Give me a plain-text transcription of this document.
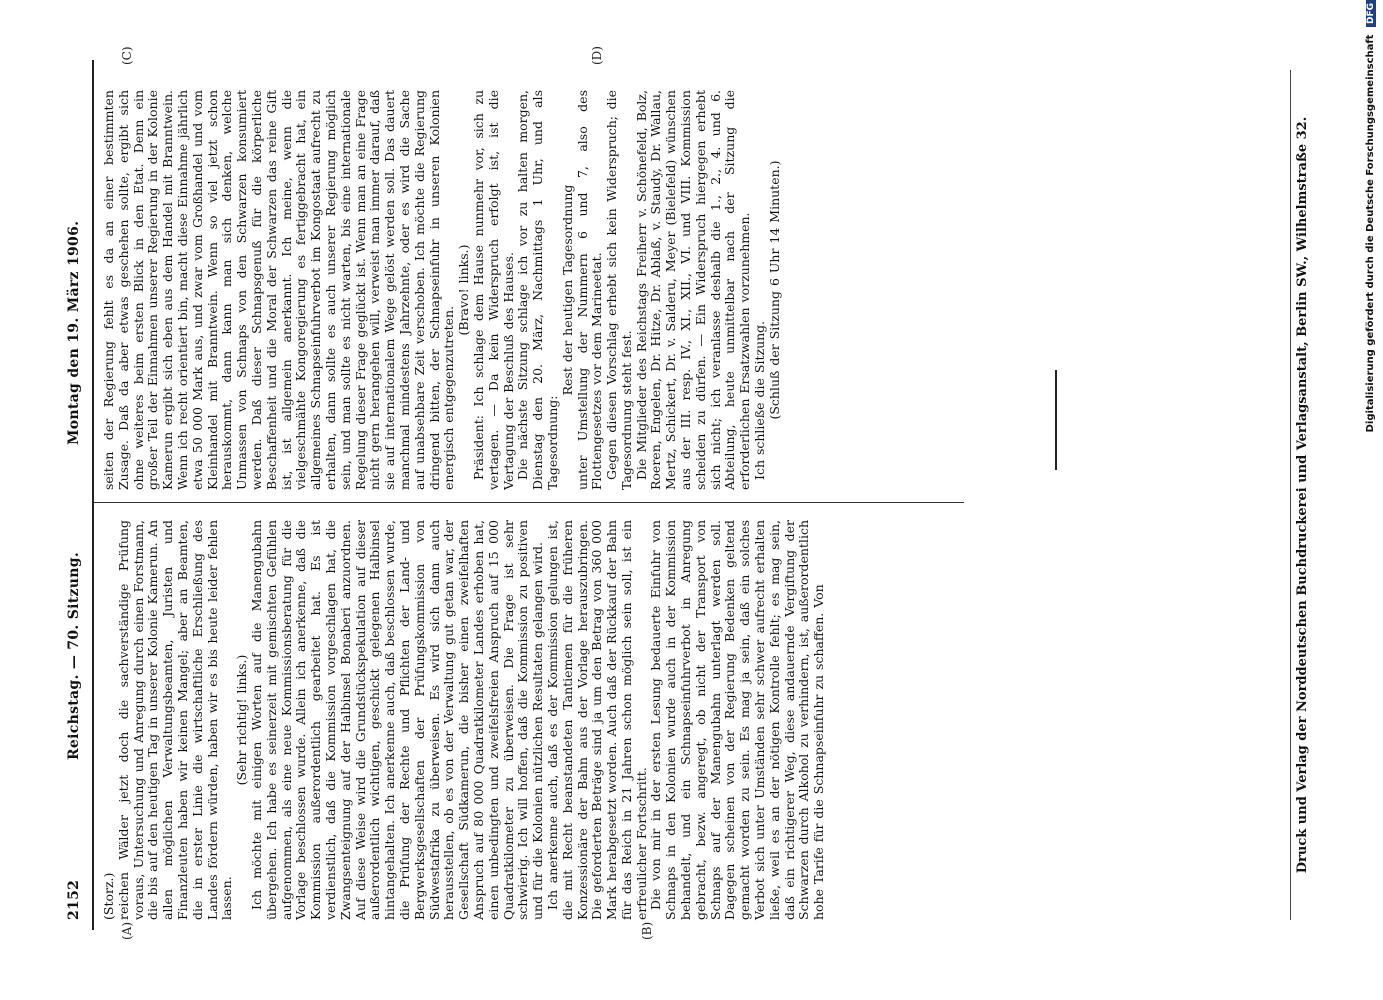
2152
Reichstag. — 70. Sitzung.
Montag den 19. März 1906.
(A)	(B)
(C)	(D)

(Storz.) reichen Wälder jetzt doch die sachverständige Prüfung voraus, Untersuchung und Anregung durch einen Forstmann, die bis auf den heutigen Tag in unserer Kolonie Kamerun. An allen möglichen Verwaltungsbeamten, Juristen und Finanzleuten haben wir keinen Mangel; aber an Beamten, die in erster Linie die wirtschaftliche Erschließung des Landes fördern würden, haben wir es bis heute leider fehlen lassen.

(Sehr richtig! links.) Ich möchte mit einigen Worten auf die Manengubahn übergehen. Ich habe es seinerzeit mit gemischten Gefühlen aufgenommen, als eine neue Kommissionsberatung für die Vorlage beschlossen wurde. Allein ich anerkenne, daß die Kommission außerordentlich gearbeitet hat. Es ist verdienstlich, daß die Kommission vorgeschlagen hat, die Zwangsenteignung auf der Halbinsel Bonaberi anzuordnen. Auf diese Weise wird die Grundstückspekulation auf dieser außerordentlich wichtigen, geschickt gelegenen Halbinsel hintangehalten. Ich anerkenne auch, daß beschlossen wurde, die Prüfung der Rechte und Pflichten der Land- und Bergwerksgesellschaften der Prüfungskommission von Südwestafrika zu überweisen. Es wird sich dann auch herausstellen, ob es von der Verwaltung gut getan war, der Gesellschaft Südkamerun, die bisher einen zweifelhaften Anspruch auf 80 000 Quadratkilometer Landes erhoben hat, einen unbedingten und zweifelsfreien Anspruch auf 15 000 Quadratkilometer zu überweisen. Die Frage ist sehr schwierig. Ich will hoffen, daß die Kommission zu positiven und für die Kolonien nützlichen Resultaten gelangen wird. Ich anerkenne auch, daß es der Kommission gelungen ist, die mit Recht beanstandeten Tantiemen für die früheren Konzessionäre der Bahn aus der Vorlage herauszubringen. Die geforderten Beträge sind ja um den Betrag von 360 000 Mark herabgesetzt worden. Auch daß der Rückkauf der Bahn für das Reich in 21 Jahren schon möglich sein soll, ist ein erfreulicher Fortschritt. Die von mir in der ersten Lesung bedauerte Einfuhr von Schnaps in den Kolonien wurde auch in der Kommission behandelt, und ein Schnapseinfuhrverbot in Anregung gebracht, bezw. angeregt, ob nicht der Transport von Schnaps auf der Manengubahn unterlagt werden soll. Dagegen scheinen von der Regierung Bedenken geltend gemacht worden zu sein. Es mag ja sein, daß ein solches Verbot sich unter Umständen sehr schwer aufrecht erhalten ließe, weil es an der nötigen Kontrolle fehlt; es mag sein, daß ein richtigerer Weg, diese andauernde Vergiftung der Schwarzen durch Alkohol zu verhindern, ist, außerordentlich hohe Tarife für die Schnapseinfuhr zu schaffen. Von

seiten der Regierung fehlt es da an einer bestimmten Zusage. Daß da aber etwas geschehen sollte, ergibt sich ohne weiteres beim ersten Blick in den Etat. Denn ein großer Teil der Einnahmen unserer Regierung in der Kolonie Kamerun ergibt sich eben aus dem Handel mit Branntwein. Wenn ich recht orientiert bin, macht diese Einnahme jährlich etwa 50 000 Mark aus, und zwar vom Großhandel und vom Kleinhandel mit Branntwein. Wenn so viel jetzt schon herauskommt, dann kann man sich denken, welche Unmassen von Schnaps von den Schwarzen konsumiert werden. Daß dieser Schnapsgenuß für die körperliche Beschaffenheit und die Moral der Schwarzen das reine Gift ist, ist allgemein anerkannt. Ich meine, wenn die vielgeschmähte Kongoregierung es fertiggebracht hat, ein allgemeines Schnapseinfuhrverbot im Kongostaat aufrecht zu erhalten, dann sollte es auch unserer Regierung möglich sein, und man sollte es nicht warten, bis eine internationale Regelung dieser Frage geglückt ist. Wenn man an eine Frage nicht gern herangehen will, verweist man immer darauf, daß sie auf internationalem Wege gelöst werden soll. Das dauert manchmal mindestens Jahrzehnte, oder es wird die Sache auf unabsehbare Zeit verschoben. Ich möchte die Regierung dringend bitten, der Schnapseinfuhr in unseren Kolonien energisch entgegenzutreten.

(Bravo! links.) Präsident: Ich schlage dem Hause nunmehr vor, sich zu vertagen. — Da kein Widerspruch erfolgt ist, ist die Vertagung der Beschluß des Hauses. Die nächste Sitzung schlage ich vor zu halten morgen, Dienstag den 20. März, Nachmittags 1 Uhr, und als Tagesordnung:

Rest der heutigen Tagesordnung unter Umstellung der Nummern 6 und 7, also des Flottengesetzes vor dem Marineetat. Gegen diesen Vorschlag erhebt sich kein Widerspruch; die Tagesordnung steht fest. Die Mitglieder des Reichstags Freiherr v. Schönefeld, Bolz, Roeren, Engelen, Dr. Hitze, Dr. Ablaß, v. Staudy, Dr. Wallau, Mertz, Schickert, Dr. v. Salderu, Meyer (Bielefeld) wünschen aus der III. resp. IV., XI., XII., VI. und VIII. Kommission scheiden zu dürfen. — Ein Widerspruch hiergegen erhebt sich nicht; ich veranlasse deshalb die 1., 2., 4. und 6. Abteilung, heute unmittelbar nach der Sitzung die erforderlichen Ersatzwahlen vorzunehmen. Ich schließe die Sitzung. (Schluß der Sitzung 6 Uhr 14 Minuten.)	Druck und Verlag der Norddeutschen Buchdruckerei und Verlagsanstalt, Berlin SW., Wilhelmstraße 32.	Digitalisierung gefördert durch die Deutsche Forschungsgemeinschaft DFG
